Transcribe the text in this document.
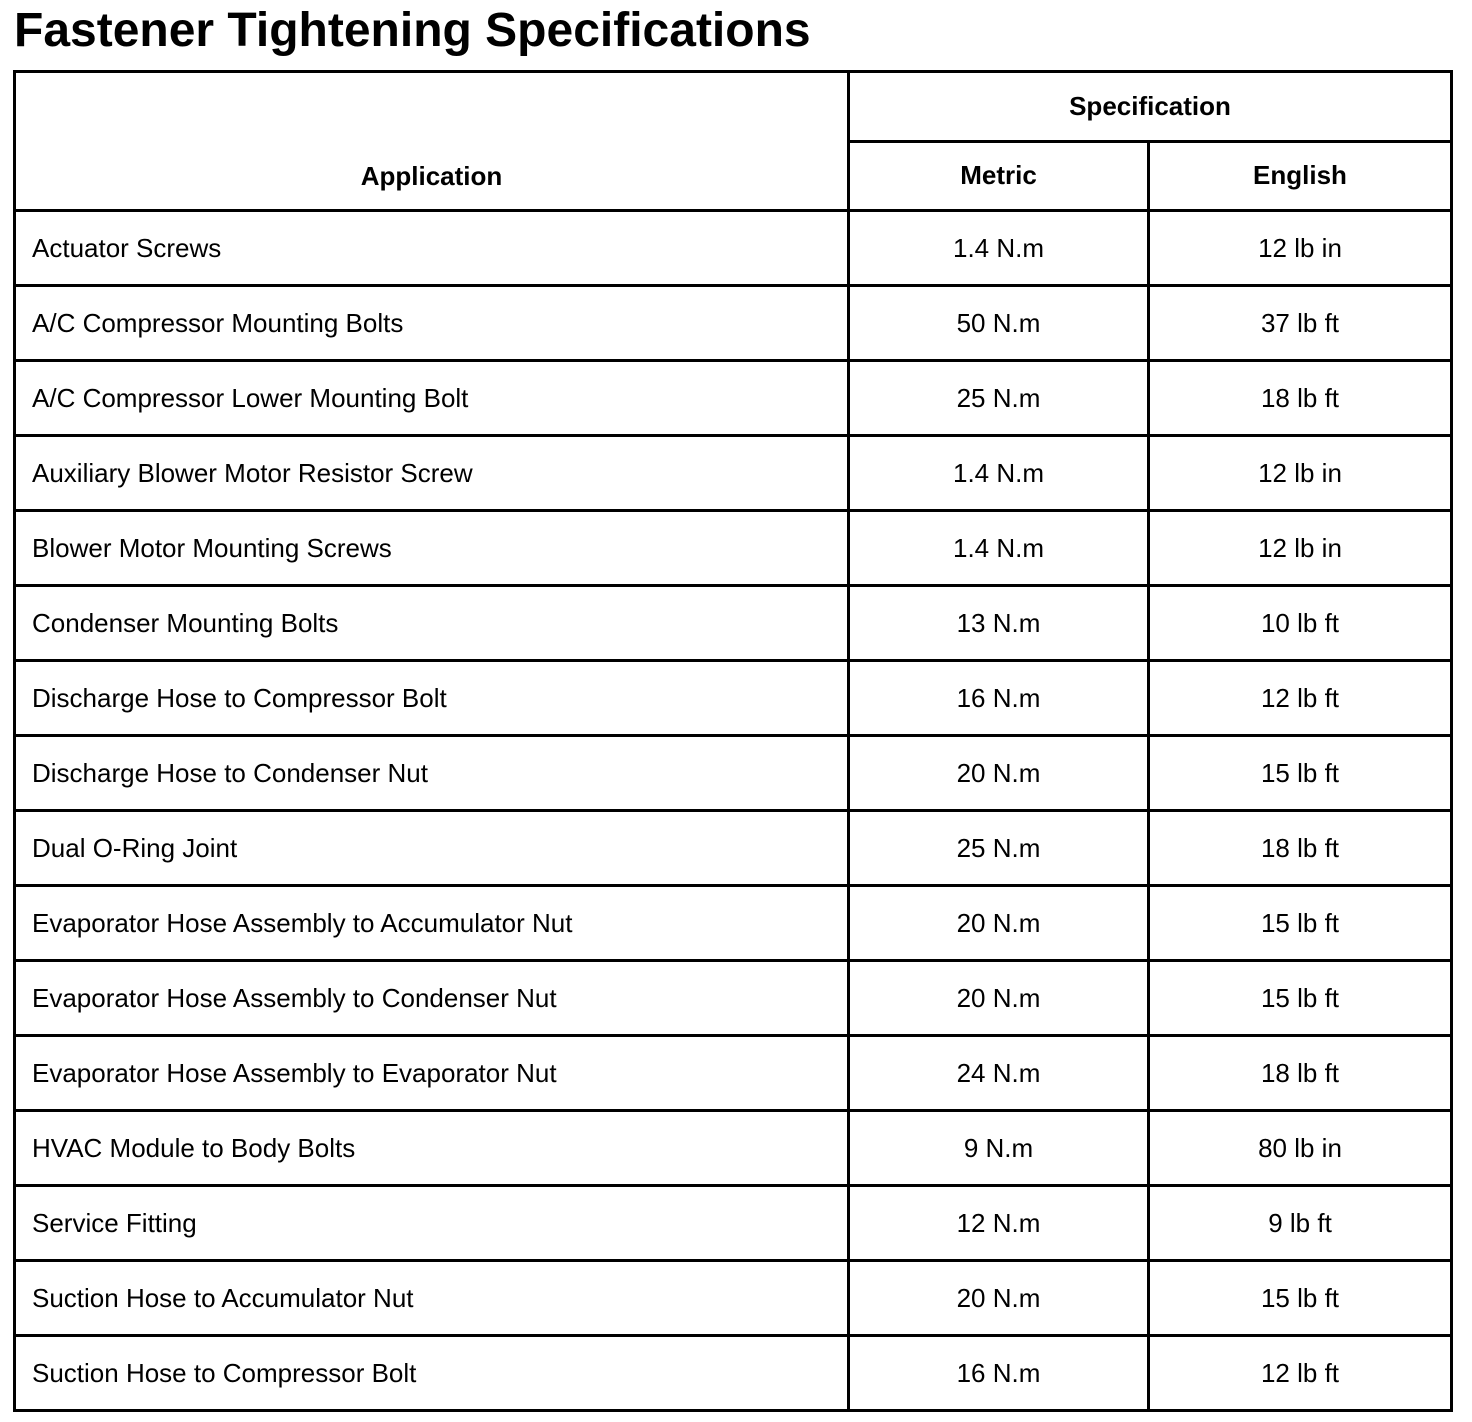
Fastener Tightening Specifications
Application	Specification	
	Metric	English
Actuator Screws	1.4 N.m	12 lb in
A/C Compressor Mounting Bolts	50 N.m	37 lb ft
A/C Compressor Lower Mounting Bolt	25 N.m	18 lb ft
Auxiliary Blower Motor Resistor Screw	1.4 N.m	12 lb in
Blower Motor Mounting Screws	1.4 N.m	12 lb in
Condenser Mounting Bolts	13 N.m	10 lb ft
Discharge Hose to Compressor Bolt	16 N.m	12 lb ft
Discharge Hose to Condenser Nut	20 N.m	15 lb ft
Dual O-Ring Joint	25 N.m	18 lb ft
Evaporator Hose Assembly to Accumulator Nut	20 N.m	15 lb ft
Evaporator Hose Assembly to Condenser Nut	20 N.m	15 lb ft
Evaporator Hose Assembly to Evaporator Nut	24 N.m	18 lb ft
HVAC Module to Body Bolts	9 N.m	80 lb in
Service Fitting	12 N.m	9 lb ft
Suction Hose to Accumulator Nut	20 N.m	15 lb ft
Suction Hose to Compressor Bolt	16 N.m	12 lb ft
